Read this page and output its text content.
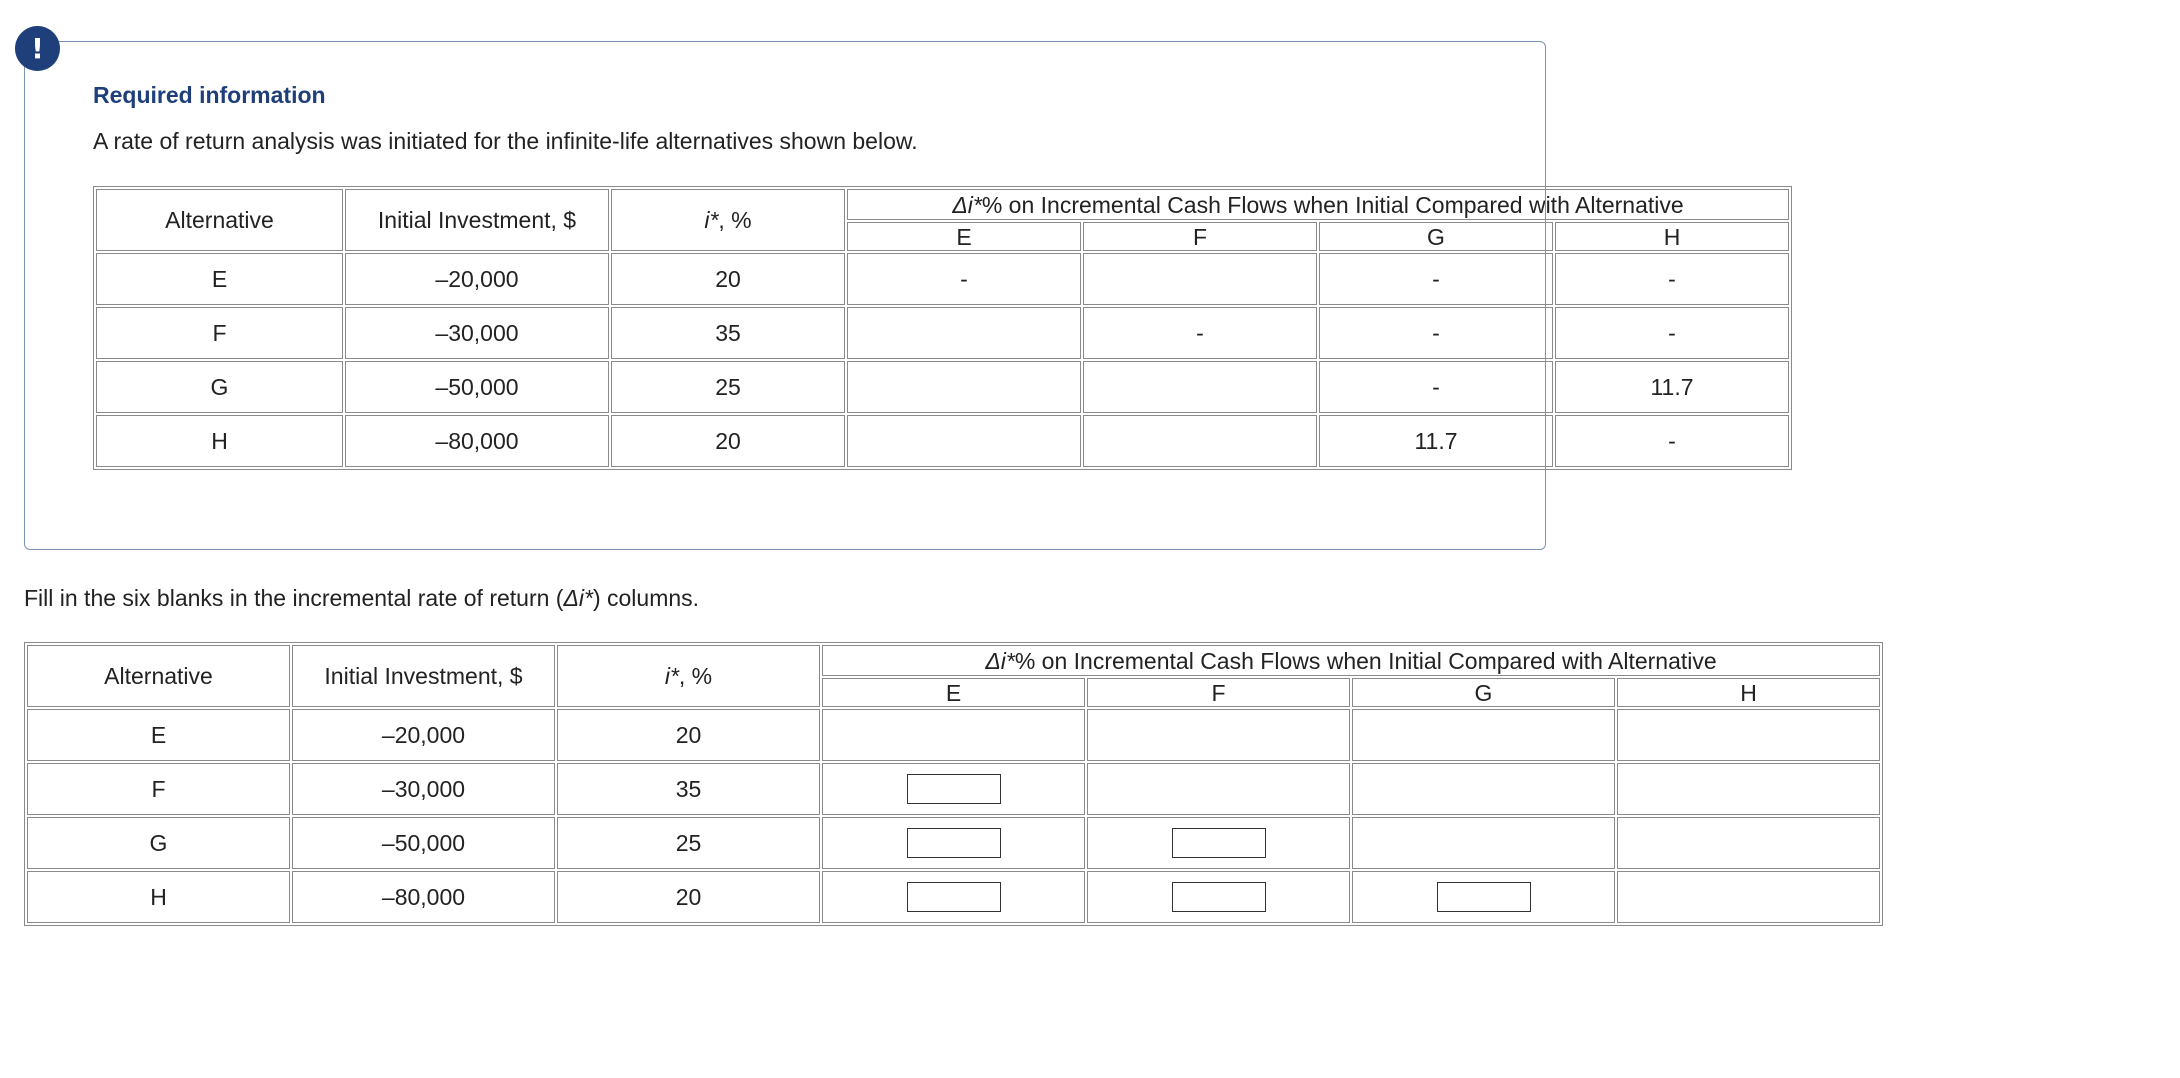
!
Required information
A rate of return analysis was initiated for the infinite-life alternatives shown below.
Alternative	Initial Investment, $	i*, %	Δi*% on Incremental Cash Flows when Initial Compared with Alternative			
			E	F	G	H
E	–20,000	20	-		-	-
F	–30,000	35		-	-	-
G	–50,000	25			-	11.7
H	–80,000	20			11.7	-
Fill in the six blanks in the incremental rate of return (Δi*) columns.
Alternative	Initial Investment, $	i*, %	Δi*% on Incremental Cash Flows when Initial Compared with Alternative			
			E	F	G	H
E	–20,000	20				
F	–30,000	35				
G	–50,000	25				
H	–80,000	20				
